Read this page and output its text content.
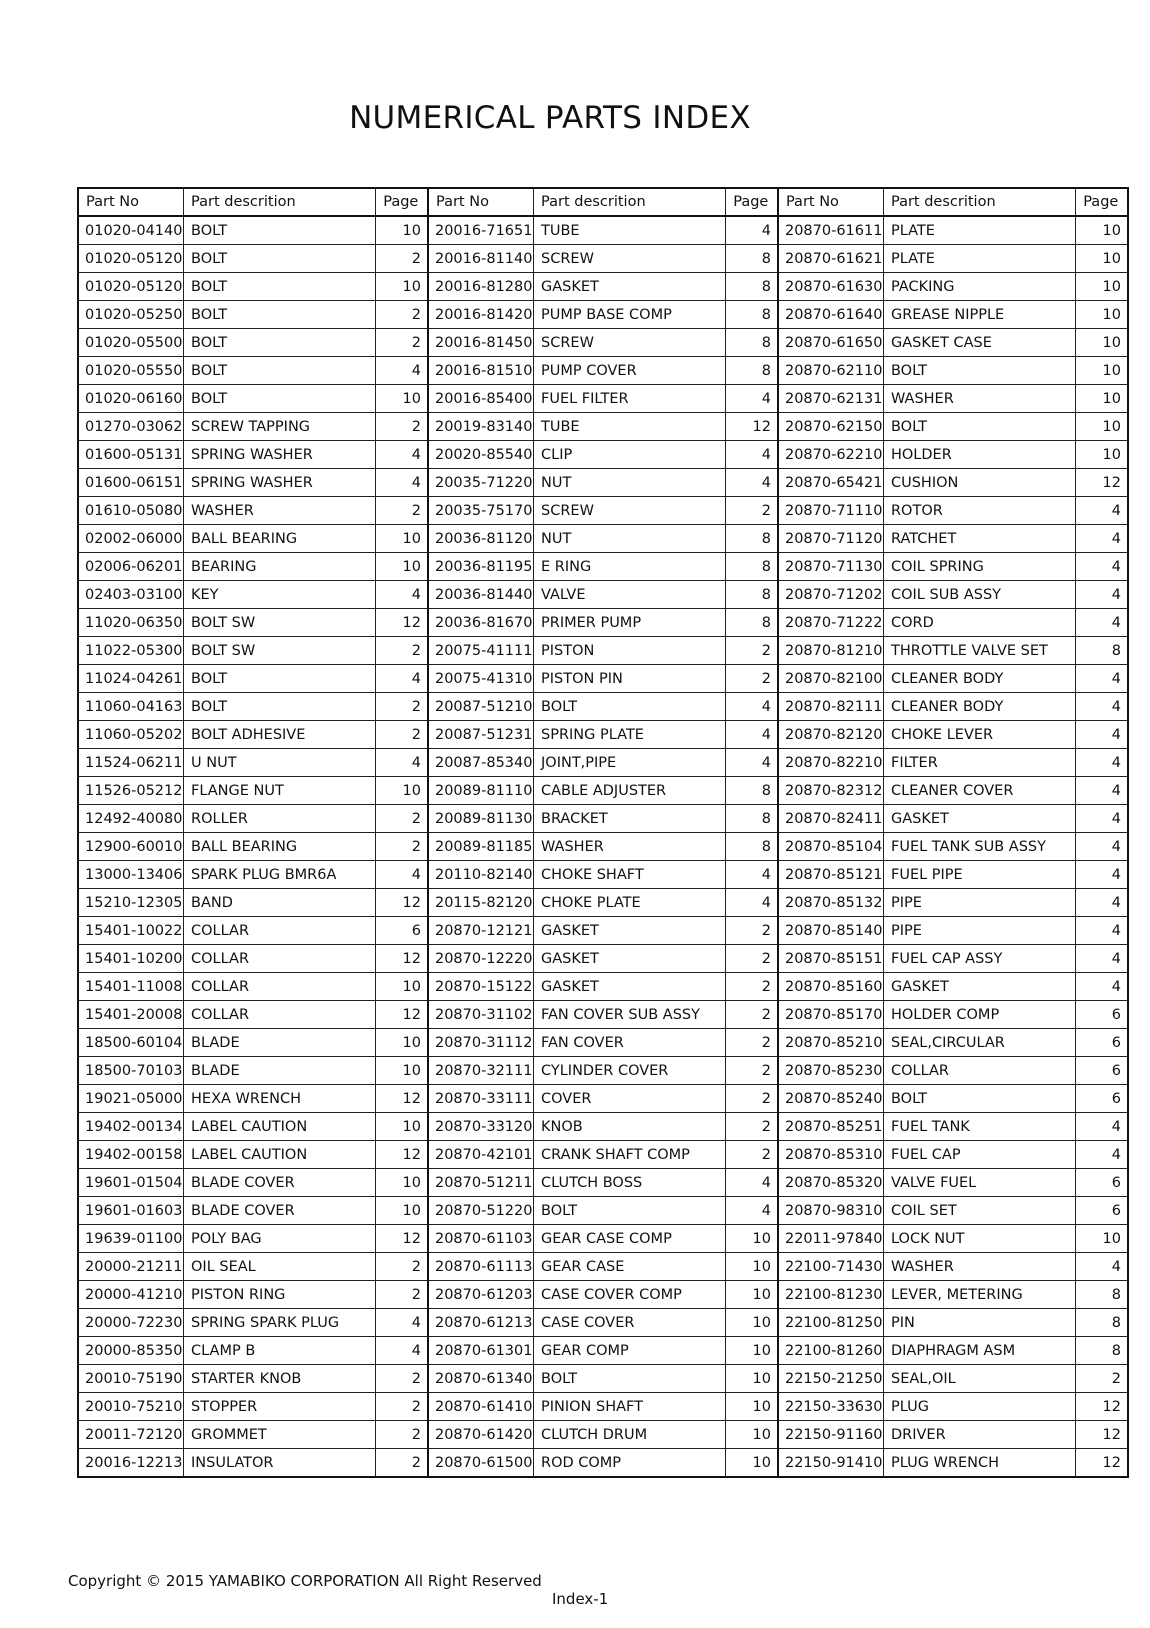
NUMERICAL PARTS INDEX
Part No	Part descrition	Page	Part No	Part descrition	Page	Part No	Part descrition	Page
01020-04140	BOLT	10	20016-71651	TUBE	4	20870-61611	PLATE	10
01020-05120	BOLT	2	20016-81140	SCREW	8	20870-61621	PLATE	10
01020-05120	BOLT	10	20016-81280	GASKET	8	20870-61630	PACKING	10
01020-05250	BOLT	2	20016-81420	PUMP BASE COMP	8	20870-61640	GREASE NIPPLE	10
01020-05500	BOLT	2	20016-81450	SCREW	8	20870-61650	GASKET CASE	10
01020-05550	BOLT	4	20016-81510	PUMP COVER	8	20870-62110	BOLT	10
01020-06160	BOLT	10	20016-85400	FUEL FILTER	4	20870-62131	WASHER	10
01270-03062	SCREW TAPPING	2	20019-83140	TUBE	12	20870-62150	BOLT	10
01600-05131	SPRING WASHER	4	20020-85540	CLIP	4	20870-62210	HOLDER	10
01600-06151	SPRING WASHER	4	20035-71220	NUT	4	20870-65421	CUSHION	12
01610-05080	WASHER	2	20035-75170	SCREW	2	20870-71110	ROTOR	4
02002-06000	BALL BEARING	10	20036-81120	NUT	8	20870-71120	RATCHET	4
02006-06201	BEARING	10	20036-81195	E RING	8	20870-71130	COIL SPRING	4
02403-03100	KEY	4	20036-81440	VALVE	8	20870-71202	COIL SUB ASSY	4
11020-06350	BOLT SW	12	20036-81670	PRIMER PUMP	8	20870-71222	CORD	4
11022-05300	BOLT SW	2	20075-41111	PISTON	2	20870-81210	THROTTLE VALVE SET	8
11024-04261	BOLT	4	20075-41310	PISTON PIN	2	20870-82100	CLEANER BODY	4
11060-04163	BOLT	2	20087-51210	BOLT	4	20870-82111	CLEANER BODY	4
11060-05202	BOLT ADHESIVE	2	20087-51231	SPRING PLATE	4	20870-82120	CHOKE LEVER	4
11524-06211	U NUT	4	20087-85340	JOINT,PIPE	4	20870-82210	FILTER	4
11526-05212	FLANGE NUT	10	20089-81110	CABLE ADJUSTER	8	20870-82312	CLEANER COVER	4
12492-40080	ROLLER	2	20089-81130	BRACKET	8	20870-82411	GASKET	4
12900-60010	BALL BEARING	2	20089-81185	WASHER	8	20870-85104	FUEL TANK SUB ASSY	4
13000-13406	SPARK PLUG BMR6A	4	20110-82140	CHOKE SHAFT	4	20870-85121	FUEL PIPE	4
15210-12305	BAND	12	20115-82120	CHOKE PLATE	4	20870-85132	PIPE	4
15401-10022	COLLAR	6	20870-12121	GASKET	2	20870-85140	PIPE	4
15401-10200	COLLAR	12	20870-12220	GASKET	2	20870-85151	FUEL CAP ASSY	4
15401-11008	COLLAR	10	20870-15122	GASKET	2	20870-85160	GASKET	4
15401-20008	COLLAR	12	20870-31102	FAN COVER SUB ASSY	2	20870-85170	HOLDER COMP	6
18500-60104	BLADE	10	20870-31112	FAN COVER	2	20870-85210	SEAL,CIRCULAR	6
18500-70103	BLADE	10	20870-32111	CYLINDER COVER	2	20870-85230	COLLAR	6
19021-05000	HEXA WRENCH	12	20870-33111	COVER	2	20870-85240	BOLT	6
19402-00134	LABEL CAUTION	10	20870-33120	KNOB	2	20870-85251	FUEL TANK	4
19402-00158	LABEL CAUTION	12	20870-42101	CRANK SHAFT COMP	2	20870-85310	FUEL CAP	4
19601-01504	BLADE COVER	10	20870-51211	CLUTCH BOSS	4	20870-85320	VALVE FUEL	6
19601-01603	BLADE COVER	10	20870-51220	BOLT	4	20870-98310	COIL SET	6
19639-01100	POLY BAG	12	20870-61103	GEAR CASE COMP	10	22011-97840	LOCK NUT	10
20000-21211	OIL SEAL	2	20870-61113	GEAR CASE	10	22100-71430	WASHER	4
20000-41210	PISTON RING	2	20870-61203	CASE COVER COMP	10	22100-81230	LEVER, METERING	8
20000-72230	SPRING SPARK PLUG	4	20870-61213	CASE COVER	10	22100-81250	PIN	8
20000-85350	CLAMP B	4	20870-61301	GEAR COMP	10	22100-81260	DIAPHRAGM ASM	8
20010-75190	STARTER KNOB	2	20870-61340	BOLT	10	22150-21250	SEAL,OIL	2
20010-75210	STOPPER	2	20870-61410	PINION SHAFT	10	22150-33630	PLUG	12
20011-72120	GROMMET	2	20870-61420	CLUTCH DRUM	10	22150-91160	DRIVER	12
20016-12213	INSULATOR	2	20870-61500	ROD COMP	10	22150-91410	PLUG WRENCH	12
Copyright © 2015 YAMABIKO CORPORATION All Right Reserved
Index-1
